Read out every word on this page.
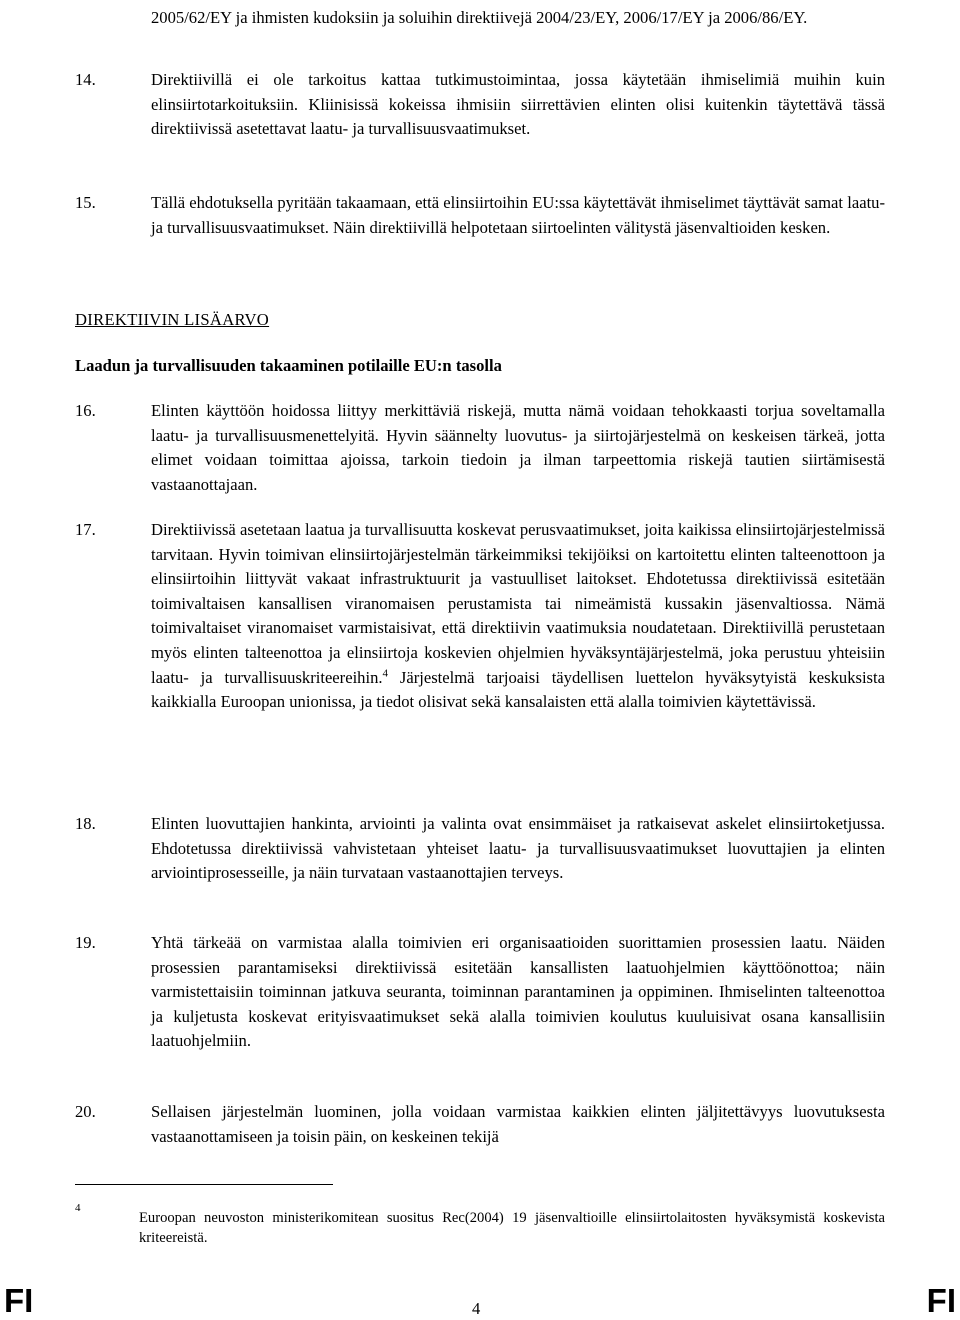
2005/62/EY ja ihmisten kudoksiin ja soluihin direktiivejä 2004/23/EY, 2006/17/EY ja 2006/86/EY.
14.	Direktiivillä ei ole tarkoitus kattaa tutkimustoimintaa, jossa käytetään ihmiselimiä muihin kuin elinsiirtotarkoituksiin. Kliinisissä kokeissa ihmisiin siirrettävien elinten olisi kuitenkin täytettävä tässä direktiivissä asetettavat laatu- ja turvallisuusvaatimukset.
15.	Tällä ehdotuksella pyritään takaamaan, että elinsiirtoihin EU:ssa käytettävät ihmiselimet täyttävät samat laatu- ja turvallisuusvaatimukset. Näin direktiivillä helpotetaan siirtoelinten välitystä jäsenvaltioiden kesken.
DIREKTIIVIN LISÄARVO
Laadun ja turvallisuuden takaaminen potilaille EU:n tasolla
16.	Elinten käyttöön hoidossa liittyy merkittäviä riskejä, mutta nämä voidaan tehokkaasti torjua soveltamalla laatu- ja turvallisuusmenettelyitä. Hyvin säännelty luovutus- ja siirtojärjestelmä on keskeisen tärkeä, jotta elimet voidaan toimittaa ajoissa, tarkoin tiedoin ja ilman tarpeettomia riskejä tautien siirtämisestä vastaanottajaan.
17.	Direktiivissä asetetaan laatua ja turvallisuutta koskevat perusvaatimukset, joita kaikissa elinsiirtojärjestelmissä tarvitaan. Hyvin toimivan elinsiirtojärjestelmän tärkeimmiksi tekijöiksi on kartoitettu elinten talteenottoon ja elinsiirtoihin liittyvät vakaat infrastruktuurit ja vastuulliset laitokset. Ehdotetussa direktiivissä esitetään toimivaltaisen kansallisen viranomaisen perustamista tai nimeämistä kussakin jäsenvaltiossa. Nämä toimivaltaiset viranomaiset varmistaisivat, että direktiivin vaatimuksia noudatetaan. Direktiivillä perustetaan myös elinten talteenottoa ja elinsiirtoja koskevien ohjelmien hyväksyntäjärjestelmä, joka perustuu yhteisiin laatu- ja turvallisuuskriteereihin.$^4$ Järjestelmä tarjoaisi täydellisen luettelon hyväksytyistä keskuksista kaikkialla Euroopan unionissa, ja tiedot olisivat sekä kansalaisten että alalla toimivien käytettävissä.
18.	Elinten luovuttajien hankinta, arviointi ja valinta ovat ensimmäiset ja ratkaisevat askelet elinsiirtoketjussa. Ehdotetussa direktiivissä vahvistetaan yhteiset laatu- ja turvallisuusvaatimukset luovuttajien ja elinten arviointiprosesseille, ja näin turvataan vastaanottajien terveys.
19.	Yhtä tärkeää on varmistaa alalla toimivien eri organisaatioiden suorittamien prosessien laatu. Näiden prosessien parantamiseksi direktiivissä esitetään kansallisten laatuohjelmien käyttöönottoa; näin varmistettaisiin toiminnan jatkuva seuranta, toiminnan parantaminen ja oppiminen. Ihmiselinten talteenottoa ja kuljetusta koskevat erityisvaatimukset sekä alalla toimivien koulutus kuuluisivat osana kansallisiin laatuohjelmiin.
20.	Sellaisen järjestelmän luominen, jolla voidaan varmistaa kaikkien elinten jäljitettävyys luovutuksesta vastaanottamiseen ja toisin päin, on keskeinen tekijä
4
Euroopan neuvoston ministerikomitean suositus Rec(2004) 19 jäsenvaltioille elinsiirtolaitosten hyväksymistä koskevista kriteereistä.
FI	4	FI
